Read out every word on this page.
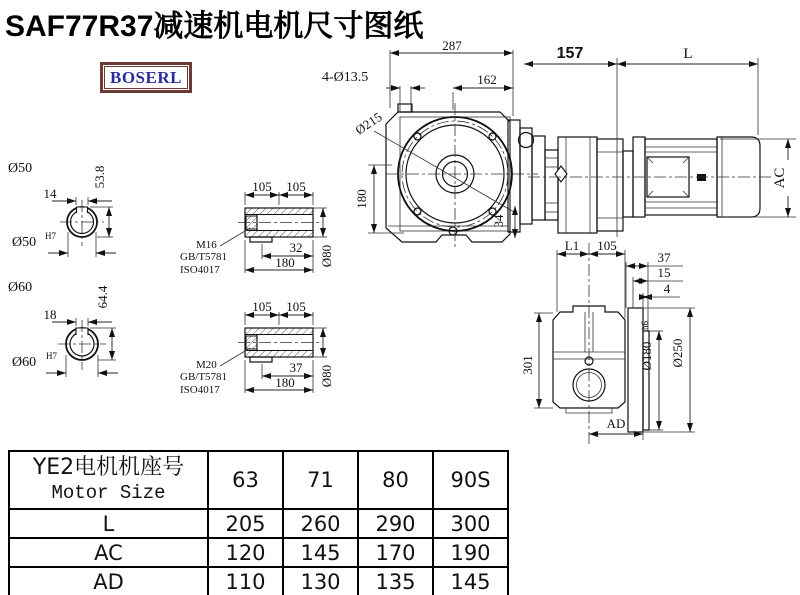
SAF77R37减速机电机尺寸图纸
BOSERL
Ø50
14
53.8
Ø50 H7
Ø60
18
64.4
Ø60 H7
105 105
32
180 Ø80
M16
GB/T5781
ISO4017
105 105
37
180 Ø80
M20
GB/T5781
ISO4017
Ø215
287
162
4-Ø13.5
180
34
157	L
AC
37
15
4
L1 105
301	Ø180
h6
Ø250
AD
YE2电机机座号
Motor Size	63	71	80	90S
L	205	260	290	300
AC	120	145	170	190
AD	110	130	135	145
